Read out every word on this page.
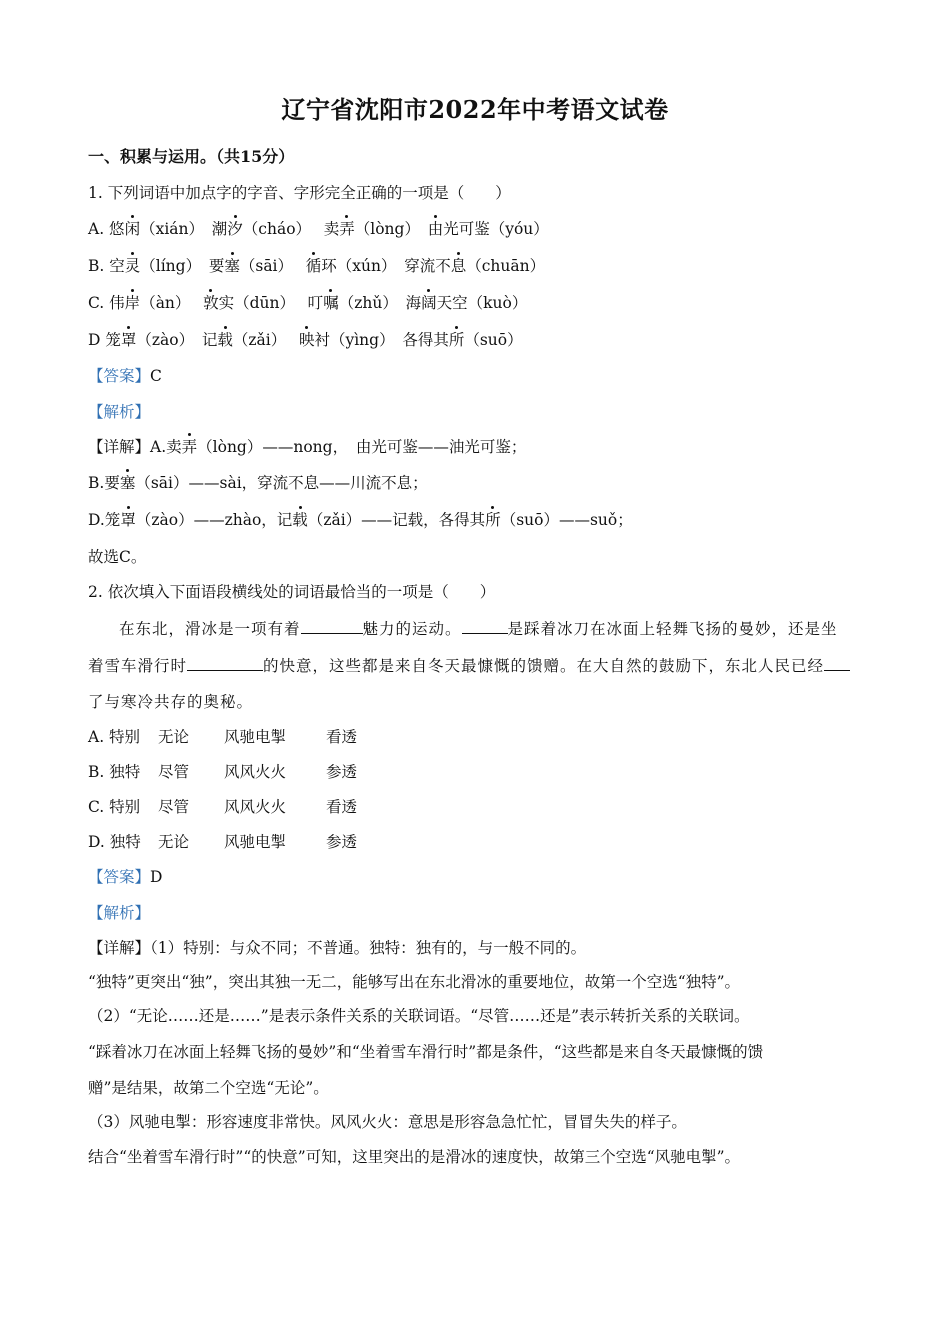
辽宁省沈阳市2022年中考语文试卷
一、积累与运用。（共15分）
1. 下列词语中加点字的字音、字形完全正确的一项是（　　）
A. 悠闲（xián）　潮汐（cháo）　 卖弄（lòng）　由光可鉴（yóu）
B. 空灵（líng）　要塞（sāi）　 循环（xún）　穿流不息（chuān）
C. 伟岸（àn）　 敦实（dūn）　 叮嘱（zhǔ）　海阔天空（kuò）
D 笼罩（zào）　记载（zǎi）　 映衬（yìng）　各得其所（suō）
【答案】C
【解析】
【详解】A.卖弄（lòng）——nong，　由光可鉴——油光可鉴；
B.要塞（sāi）——sài，穿流不息——川流不息；
D.笼罩（zào）——zhào，记载（zǎi）——记载，各得其所（suō）——suǒ；
故选C。
2. 依次填入下面语段横线处的词语最恰当的一项是（　　）
在东北，滑冰是一项有着	魅力的运动。	是踩着冰刀在冰面上轻舞飞扬的曼妙，还是坐
着雪车滑行时	的快意，这些都是来自冬天最慷慨的馈赠。在大自然的鼓励下，东北人民已经
了与寒冷共存的奥秘。
A. 特别 无论 风驰电掣	看透
B. 独特 尽管 风风火火	参透
C. 特别 尽管 风风火火	看透
D. 独特 无论 风驰电掣	参透
【答案】D
【解析】
【详解】（1）特别：与众不同；不普通。独特：独有的，与一般不同的。
“独特”更突出“独”，突出其独一无二，能够写出在东北滑冰的重要地位，故第一个空选“独特”。
（2）“无论……还是……”是表示条件关系的关联词语。“尽管……还是”表示转折关系的关联词。
“踩着冰刀在冰面上轻舞飞扬的曼妙”和“坐着雪车滑行时”都是条件，“这些都是来自冬天最慷慨的馈
赠”是结果，故第二个空选“无论”。
（3）风驰电掣：形容速度非常快。风风火火：意思是形容急急忙忙，冒冒失失的样子。
结合“坐着雪车滑行时”“的快意”可知，这里突出的是滑冰的速度快，故第三个空选“风驰电掣”。
